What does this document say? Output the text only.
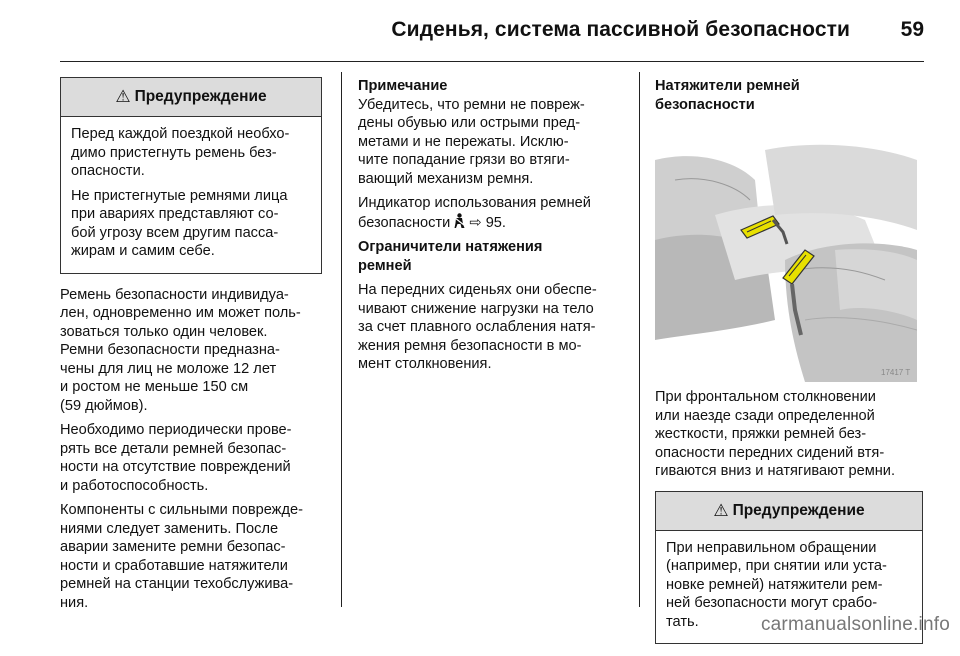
Сиденья, система пассивной безопасности 59
⚠ Предупреждение

Перед каждой поездкой необхо-
димо пристегнуть ремень без-
опасности.

Не пристегнутые ремнями лица
при авариях представляют со-
бой угрозу всем другим пасса-
жирам и самим себе.

Ремень безопасности индивидуа-
лен, одновременно им может поль-
зоваться только один человек.
Ремни безопасности предназна-
чены для лиц не моложе 12 лет
и ростом не меньше 150 см
(59 дюймов).

Необходимо периодически прове-
рять все детали ремней безопас-
ности на отсутствие повреждений
и работоспособность.

Компоненты с сильными поврежде-
ниями следует заменить. После
аварии замените ремни безопас-
ности и сработавшие натяжители
ремней на станции техобслужива-
ния.

Примечание

Убедитесь, что ремни не повреж-
дены обувью или острыми пред-
метами и не пережаты. Исклю-
чите попадание грязи во втяги-
вающий механизм ремня.

Индикатор использования ремней
безопасности ⇨ 95.

Ограничители натяжения
ремней

На передних сиденьях они обеспе-
чивают снижение нагрузки на тело
за счет плавного ослабления натя-
жения ремня безопасности в мо-
мент столкновения.

Натяжители ремней
безопасности

17417 T

При фронтальном столкновении
или наезде сзади определенной
жесткости, пряжки ремней без-
опасности передних сидений втя-
гиваются вниз и натягивают ремни.

⚠ Предупреждение

При неправильном обращении
(например, при снятии или уста-
новке ремней) натяжители рем-
ней безопасности могут срабо-
тать.	carmanualsonline.info
